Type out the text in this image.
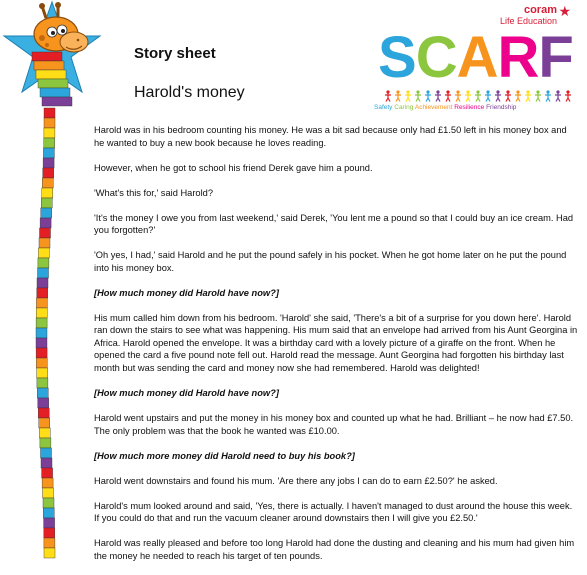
Story sheet
Harold's money
coram
Life Education
★
SCARF
Safety Caring Achievement Resilience Friendship

Harold was in his bedroom counting his money. He was a bit sad because only had £1.50 left in his money box and he wanted to buy a new book because he loves reading.

However, when he got to school his friend Derek gave him a pound.

'What's this for,' said Harold?

'It's the money I owe you from last weekend,' said Derek, 'You lent me a pound so that I could buy an ice cream. Had you forgotten?'

'Oh yes, I had,' said Harold and he put the pound safely in his pocket. When he got home later on he put the pound into his money box.

[How much money did Harold have now?]

His mum called him down from his bedroom. 'Harold' she said, 'There's a bit of a surprise for you down here'. Harold ran down the stairs to see what was happening. His mum said that an envelope had arrived from his Aunt Georgina in Africa. Harold opened the envelope. It was a birthday card with a lovely picture of a giraffe on the front. When he opened the card a five pound note fell out. Harold read the message. Aunt Georgina had forgotten his birthday last month but was sending the card and money now she had remembered. Harold was delighted!

[How much money did Harold have now?]

Harold went upstairs and put the money in his money box and counted up what he had. Brilliant – he now had £7.50. The only problem was that the book he wanted was £10.00.

[How much more money did Harold need to buy his book?]

Harold went downstairs and found his mum. 'Are there any jobs I can do to earn £2.50?' he asked.

Harold's mum looked around and said, 'Yes, there is actually. I haven't managed to dust around the house this week. If you could do that and run the vacuum cleaner around downstairs then I will give you £2.50.'

Harold was really pleased and before too long Harold had done the dusting and cleaning and his mum had given him the money he needed to reach his target of ten pounds.
